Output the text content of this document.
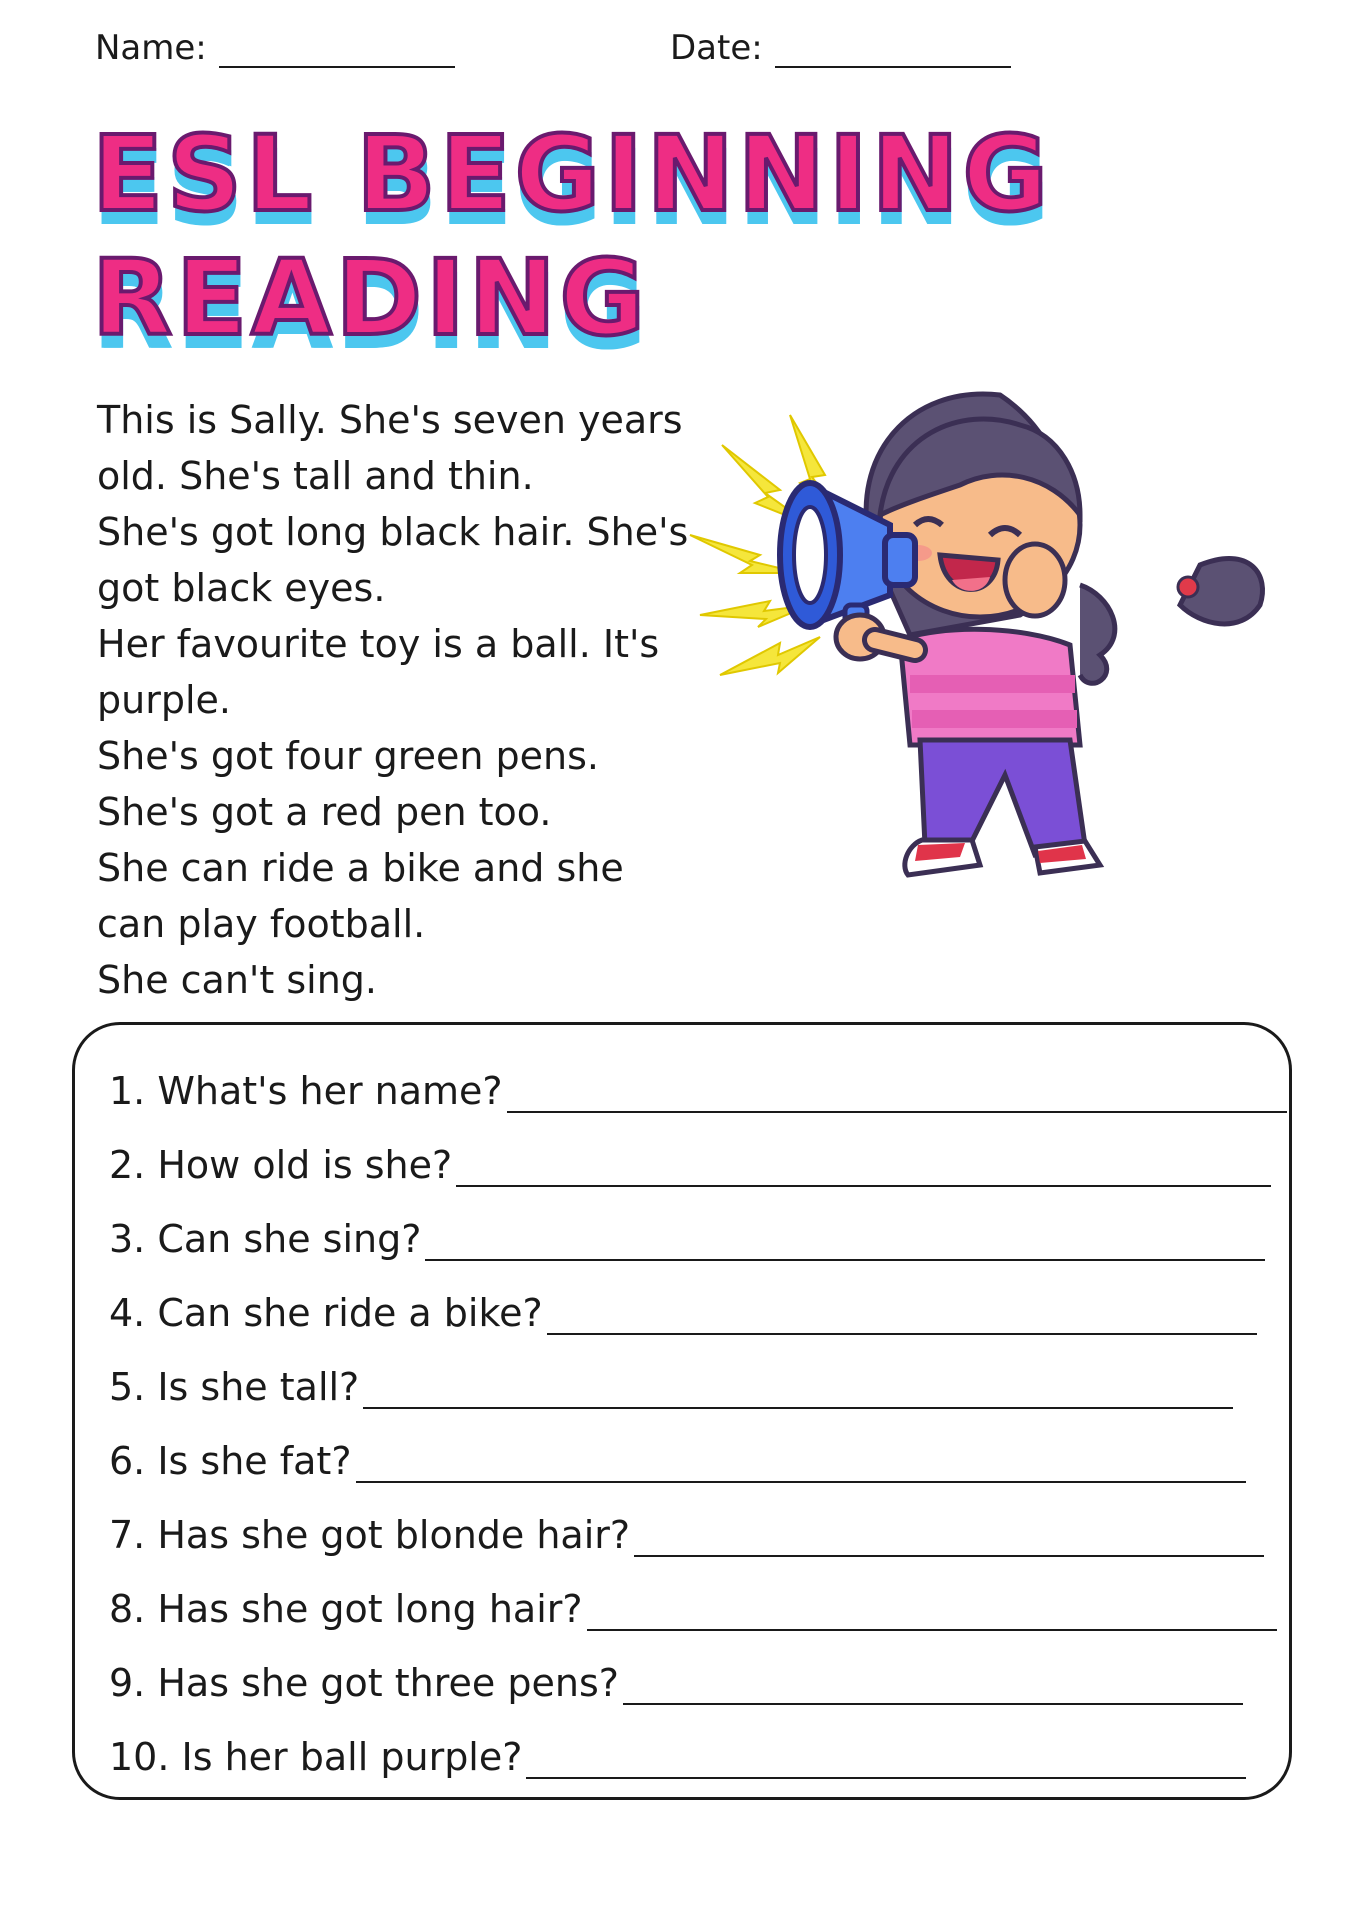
Name:	Date:
ESL BEGINNING
READING
This is Sally. She's seven years
old. She's tall and thin.
She's got long black hair. She's
got black eyes.
Her favourite toy is a ball. It's
purple.
She's got four green pens.
She's got a red pen too.
She can ride a bike and she
can play football.
She can't sing.
1. What's her name?
2. How old is she?
3. Can she sing?
4. Can she ride a bike?
5. Is she tall?
6. Is she fat?
7. Has she got blonde hair?
8. Has she got long hair?
9. Has she got three pens?
10. Is her ball purple?
